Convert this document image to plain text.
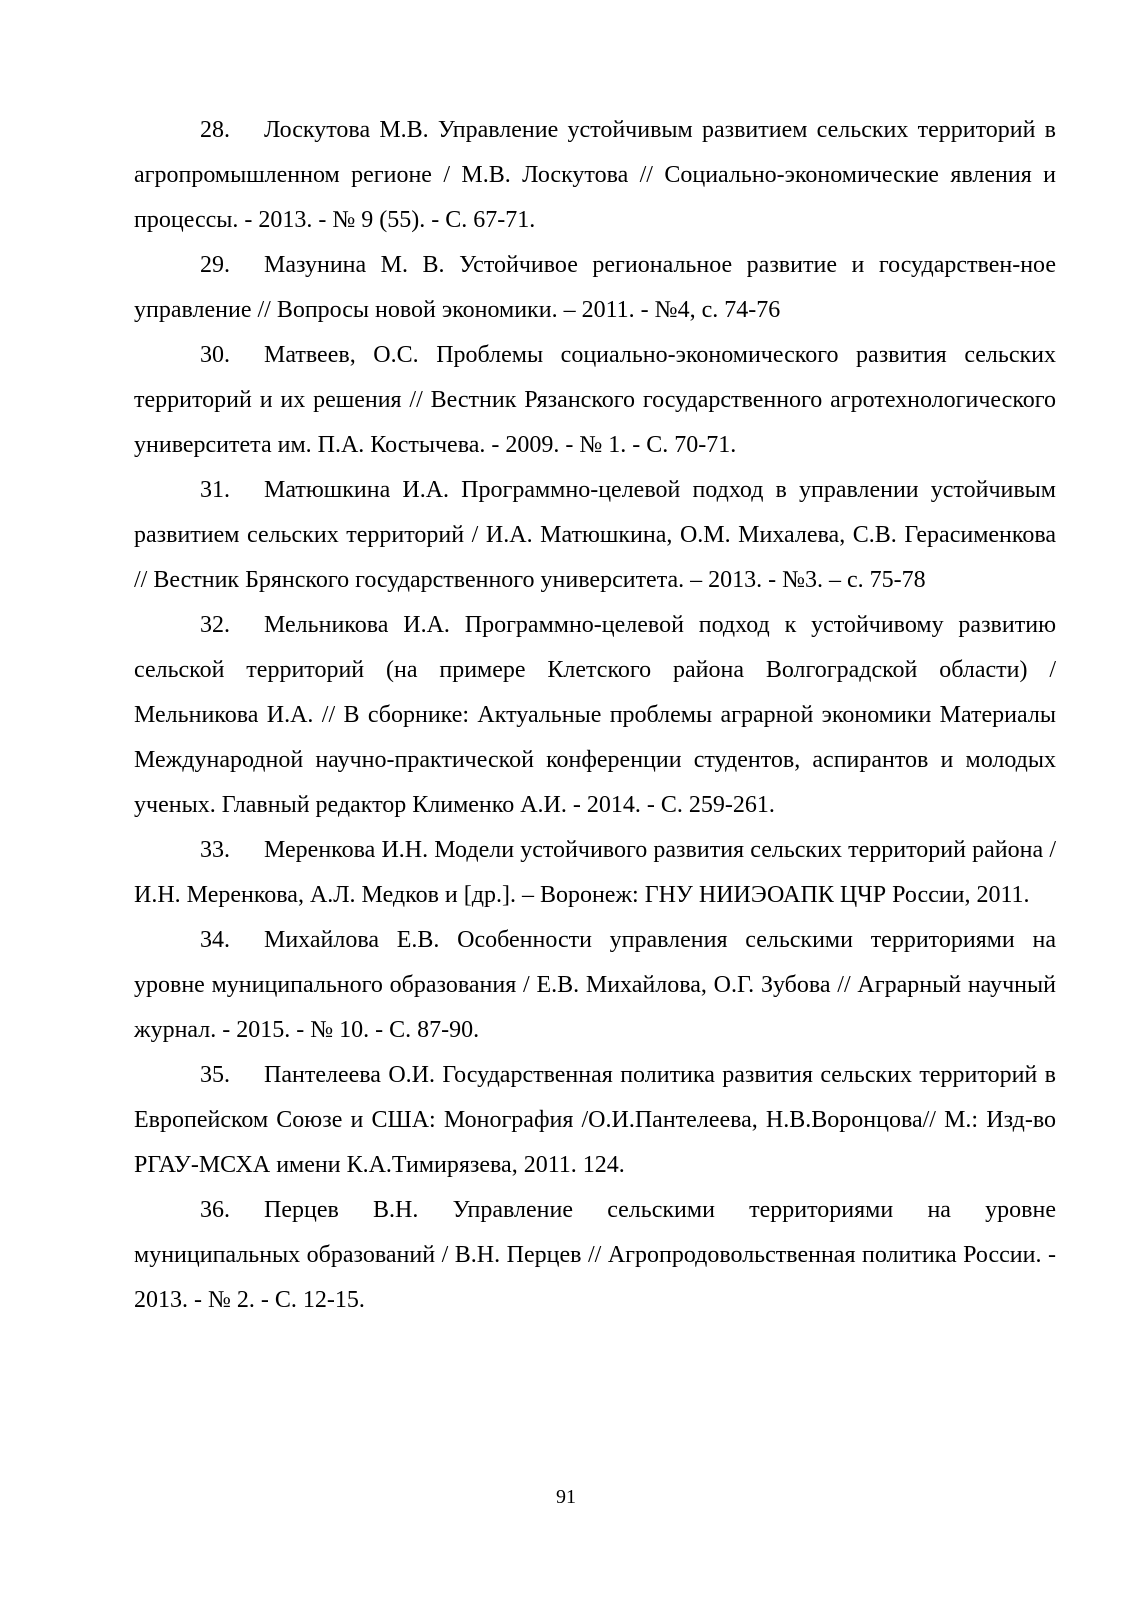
28. Лоскутова М.В. Управление устойчивым развитием сельских территорий в агропромышленном регионе / М.В. Лоскутова // Социально-экономические явления и процессы. - 2013. - № 9 (55). - С. 67-71.
29. Мазунина М. В. Устойчивое региональное развитие и государствен-ное управление // Вопросы новой экономики. – 2011. - №4, с. 74-76
30. Матвеев, О.С. Проблемы социально-экономического развития сельских территорий и их решения // Вестник Рязанского государственного агротехнологического университета им. П.А. Костычева. - 2009. - № 1. - С. 70-71.
31. Матюшкина И.А. Программно-целевой подход в управлении устойчивым развитием сельских территорий / И.А. Матюшкина, О.М. Михалева, С.В. Герасименкова // Вестник Брянского государственного университета. – 2013. - №3. – с. 75-78
32. Мельникова И.А. Программно-целевой подход к устойчивому развитию сельской территорий (на примере Клетского района Волгоградской области) / Мельникова И.А. // В сборнике: Актуальные проблемы аграрной экономики Материалы Международной научно-практической конференции студентов, аспирантов и молодых ученых. Главный редактор Клименко А.И. - 2014. - С. 259-261.
33. Меренкова И.Н. Модели устойчивого развития сельских территорий района / И.Н. Меренкова, А.Л. Медков и [др.]. – Воронеж: ГНУ НИИЭОАПК ЦЧР России, 2011.
34. Михайлова Е.В. Особенности управления сельскими территориями на уровне муниципального образования / Е.В. Михайлова, О.Г. Зубова // Аграрный научный журнал. - 2015. - № 10. - С. 87-90.
35. Пантелеева О.И. Государственная политика развития сельских территорий в Европейском Союзе и США: Монография /О.И.Пантелеева, Н.В.Воронцова// М.: Изд-во РГАУ-МСХА имени К.А.Тимирязева, 2011. 124.
36. Перцев В.Н. Управление сельскими территориями на уровне муниципальных образований / В.Н. Перцев // Агропродовольственная политика России. - 2013. - № 2. - С. 12-15.
91
